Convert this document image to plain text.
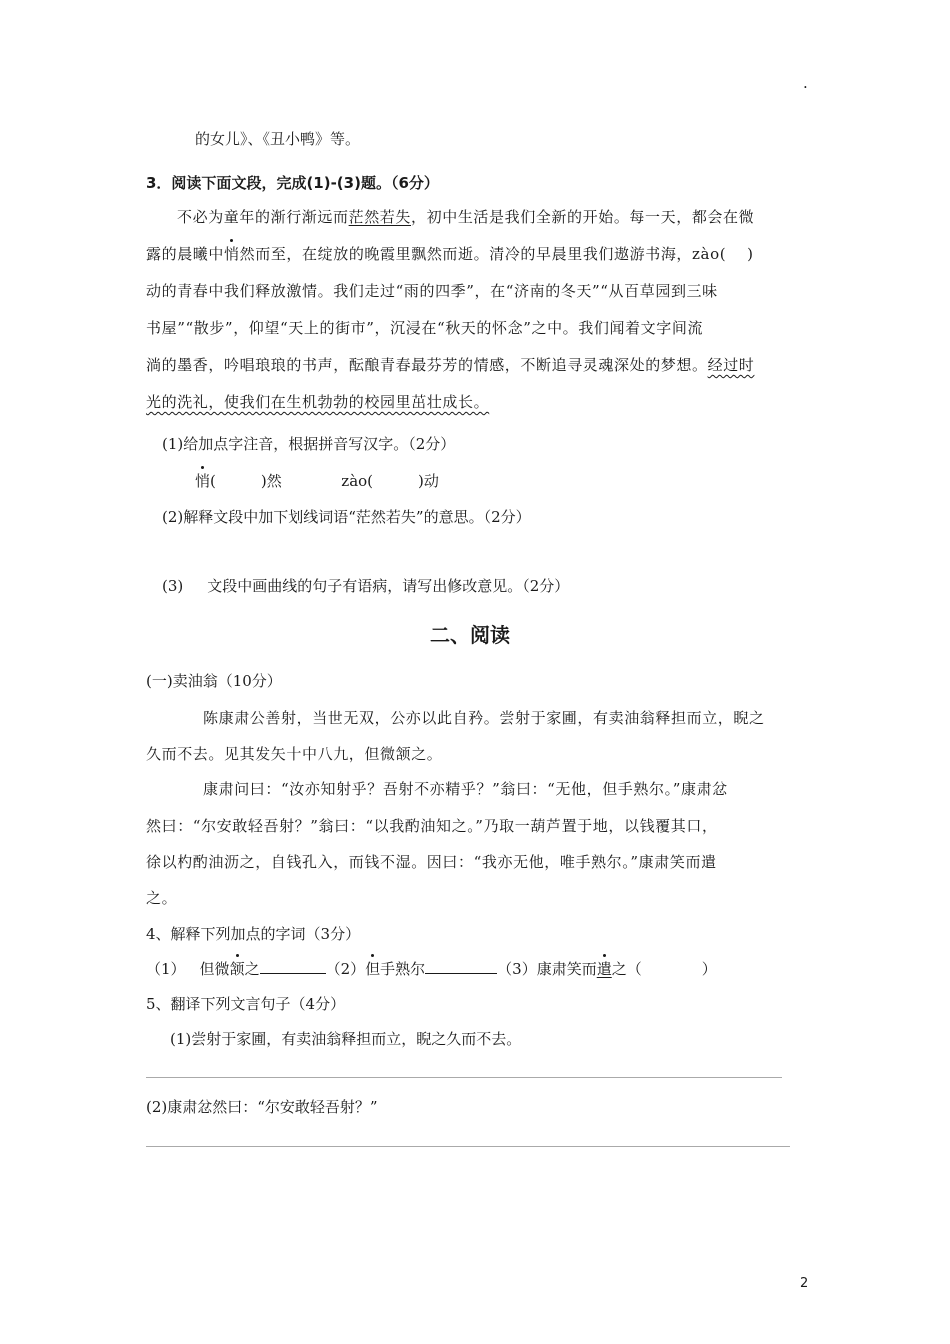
.
的女儿》、《丑小鸭》等。
3．阅读下面文段，完成(1)-(3)题。（6分）
不必为童年的渐行渐远而茫然若失，初中生活是我们全新的开始。每一天，都会在微
露的晨曦中悄然而至，在绽放的晚霞里飘然而逝。清冷的早晨里我们遨游书海，zào(　 )
动的青春中我们释放激情。我们走过“雨的四季”，在“济南的冬天”“从百草园到三味
书屋”“散步”，仰望“天上的街市”，沉浸在“秋天的怀念”之中。我们闻着文字间流
淌的墨香，吟唱琅琅的书声，酝酿青春最芬芳的情感，不断追寻灵魂深处的梦想。经过时
光的洗礼，使我们在生机勃勃的校园里茁壮成长。
(1)给加点字注音，根据拼音写汉字。（2分）
悄(　　　)然	zào(　　　)动
(2)解释文段中加下划线词语“茫然若失”的意思。（2分）
(3) 文段中画曲线的句子有语病，请写出修改意见。（2分）
二、阅读
(一)卖油翁（10分）
陈康肃公善射，当世无双，公亦以此自矜。尝射于家圃，有卖油翁释担而立，睨之
久而不去。见其发矢十中八九，但微颔之。
康肃问曰：“汝亦知射乎？吾射不亦精乎？”翁曰：“无他，但手熟尔。”康肃忿
然曰：“尔安敢轻吾射？”翁曰：“以我酌油知之。”乃取一葫芦置于地，以钱覆其口，
徐以杓酌油沥之，自钱孔入，而钱不湿。因曰：“我亦无他，唯手熟尔。”康肃笑而遣
之。
4、解释下列加点的字词（3分）
（1） 但微颔之	（2）但手熟尔	（3）康肃笑而遣之（　　　　）
5、翻译下列文言句子（4分）
(1)尝射于家圃，有卖油翁释担而立，睨之久而不去。
(2)康肃忿然曰：“尔安敢轻吾射？”
2
